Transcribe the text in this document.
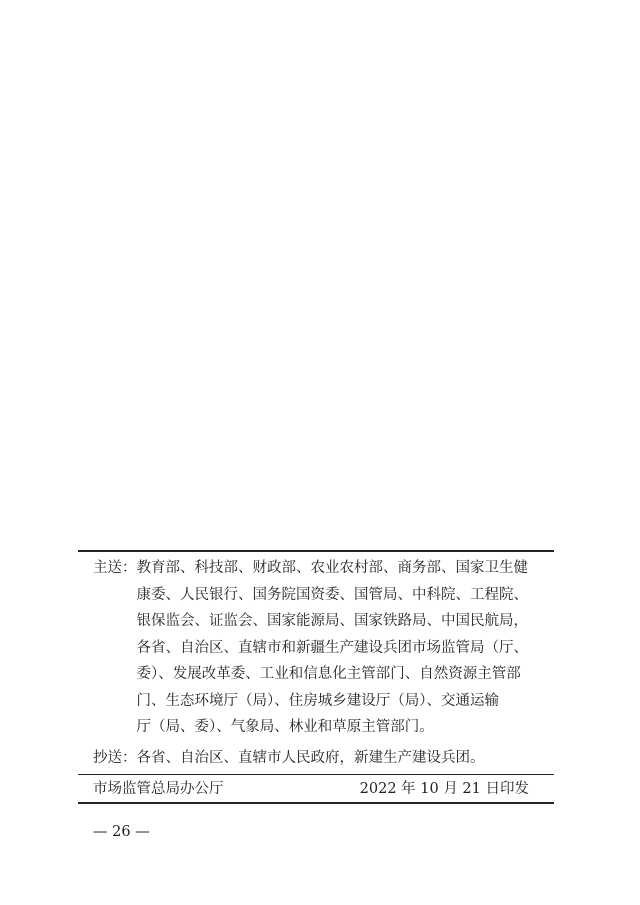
主送： 教育部、科技部、财政部、农业农村部、商务部、国家卫生健
康委、人民银行、国务院国资委、国管局、中科院、工程院、
银保监会、证监会、国家能源局、国家铁路局、中国民航局，
各省、自治区、直辖市和新疆生产建设兵团市场监管局（厅、
委）、发展改革委、工业和信息化主管部门、自然资源主管部
门、生态环境厅（局）、住房城乡建设厅（局）、交通运输
厅（局、委）、气象局、林业和草原主管部门。
抄送：各省、自治区、直辖市人民政府，新建生产建设兵团。
市场监管总局办公厅	2022 年 10 月 21 日印发
— 26 —
